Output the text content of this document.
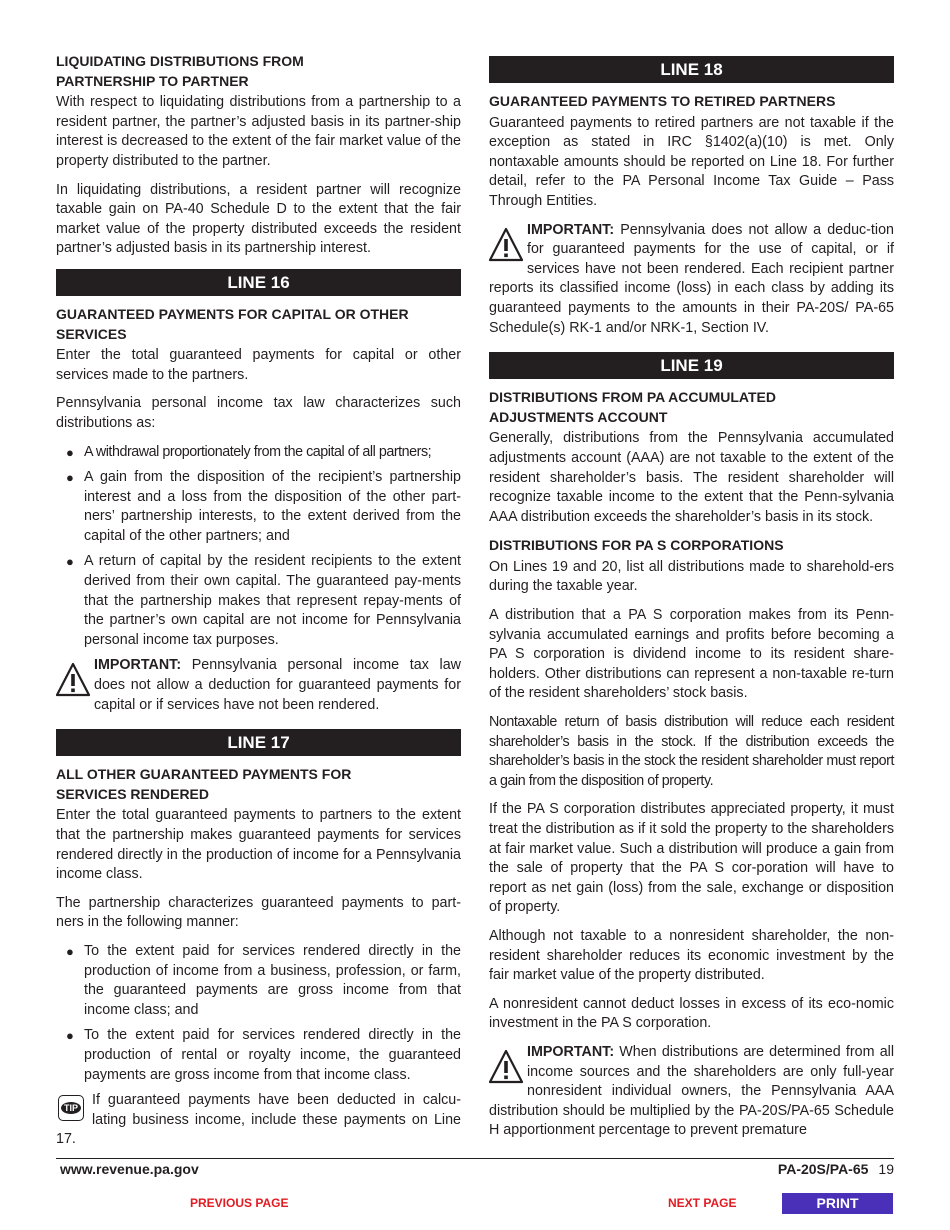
LIQUIDATING DISTRIBUTIONS FROM
PARTNERSHIP TO PARTNER

With respect to liquidating distributions from a partnership to a resident partner, the partner’s adjusted basis in its partner-ship interest is decreased to the extent of the fair market value of the property distributed to the partner.

In liquidating distributions, a resident partner will recognize taxable gain on PA-40 Schedule D to the extent that the fair market value of the property distributed exceeds the resident partner’s adjusted basis in its partnership interest.

LINE 16
GUARANTEED PAYMENTS FOR CAPITAL OR OTHER SERVICES

Enter the total guaranteed payments for capital or other services made to the partners.

Pennsylvania personal income tax law characterizes such distributions as:

● A withdrawal proportionately from the capital of all partners;
● A gain from the disposition of the recipient’s partnership interest and a loss from the disposition of the other part-ners’ partnership interests, to the extent derived from the capital of the other partners; and
● A return of capital by the resident recipients to the extent derived from their own capital. The guaranteed pay-ments that the partnership makes that represent repay-ments of the partner’s own capital are not income for Pennsylvania personal income tax purposes.

IMPORTANT: Pennsylvania personal income tax law does not allow a deduction for guaranteed payments for capital or if services have not been rendered.

LINE 17
ALL OTHER GUARANTEED PAYMENTS FOR
SERVICES RENDERED

Enter the total guaranteed payments to partners to the extent that the partnership makes guaranteed payments for services rendered directly in the production of income for a Pennsylvania income class.

The partnership characterizes guaranteed payments to part-ners in the following manner:

● To the extent paid for services rendered directly in the production of income from a business, profession, or farm, the guaranteed payments are gross income from that income class; and
● To the extent paid for services rendered directly in the production of rental or royalty income, the guaranteed payments are gross income from that income class.
TIP If guaranteed payments have been deducted in calcu-lating business income, include these payments on Line 17.

LINE 18
GUARANTEED PAYMENTS TO RETIRED PARTNERS

Guaranteed payments to retired partners are not taxable if the exception as stated in IRC §1402(a)(10) is met. Only nontaxable amounts should be reported on Line 18. For further detail, refer to the PA Personal Income Tax Guide – Pass Through Entities.

IMPORTANT: Pennsylvania does not allow a deduc-tion for guaranteed payments for the use of capital, or if services have not been rendered. Each recipient partner reports its classified income (loss) in each class by adding its guaranteed payments to the amounts in their PA-20S/ PA-65 Schedule(s) RK-1 and/or NRK-1, Section IV.

LINE 19
DISTRIBUTIONS FROM PA ACCUMULATED
ADJUSTMENTS ACCOUNT

Generally, distributions from the Pennsylvania accumulated adjustments account (AAA) are not taxable to the extent of the resident shareholder’s basis. The resident shareholder will recognize taxable income to the extent that the Penn-sylvania AAA distribution exceeds the shareholder’s basis in its stock.

DISTRIBUTIONS FOR PA S CORPORATIONS

On Lines 19 and 20, list all distributions made to sharehold-ers during the taxable year.

A distribution that a PA S corporation makes from its Penn-sylvania accumulated earnings and profits before becoming a PA S corporation is dividend income to its resident share-holders. Other distributions can represent a non-taxable re-turn of the resident shareholders’ stock basis.

Nontaxable return of basis distribution will reduce each resident shareholder’s basis in the stock. If the distribution exceeds the shareholder’s basis in the stock the resident shareholder must report a gain from the disposition of property.

If the PA S corporation distributes appreciated property, it must treat the distribution as if it sold the property to the shareholders at fair market value. Such a distribution will produce a gain from the sale of property that the PA S cor-poration will have to report as net gain (loss) from the sale, exchange or disposition of property.

Although not taxable to a nonresident shareholder, the non-resident shareholder reduces its economic investment by the fair market value of the property distributed.

A nonresident cannot deduct losses in excess of its eco-nomic investment in the PA S corporation.

IMPORTANT: When distributions are determined from all income sources and the shareholders are only full-year nonresident individual owners, the Pennsylvania AAA distribution should be multiplied by the PA-20S/PA-65 Schedule H apportionment percentage to prevent premature

www.revenue.pa.gov	PA-20S/PA-65 19
PREVIOUS PAGE	NEXT PAGE	PRINT
